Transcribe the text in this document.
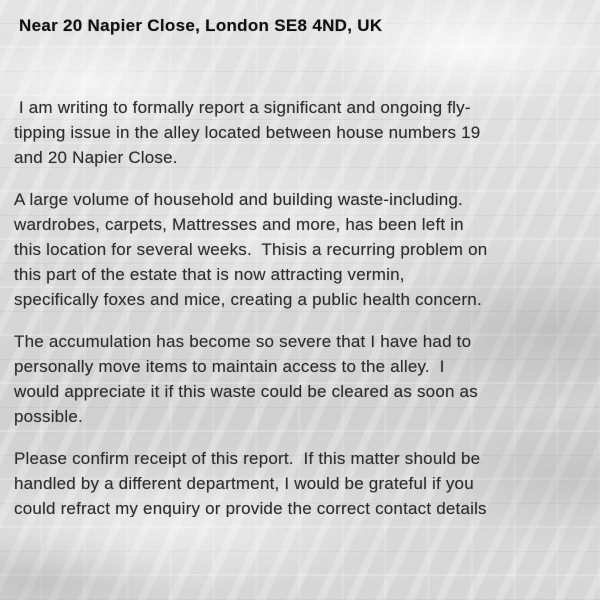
Near 20 Napier Close, London SE8 4ND, UK
I am writing to formally report a significant and ongoing fly-
tipping issue in the alley located between house numbers 19
and 20 Napier Close.
A large volume of household and building waste-including.
wardrobes, carpets, Mattresses and more, has been left in
this location for several weeks.  Thisis a recurring problem on
this part of the estate that is now attracting vermin,
specifically foxes and mice, creating a public health concern.
The accumulation has become so severe that I have had to
personally move items to maintain access to the alley.  I
would appreciate it if this waste could be cleared as soon as
possible.
Please confirm receipt of this report.  If this matter should be
handled by a different department, I would be grateful if you
could refract my enquiry or provide the correct contact details
